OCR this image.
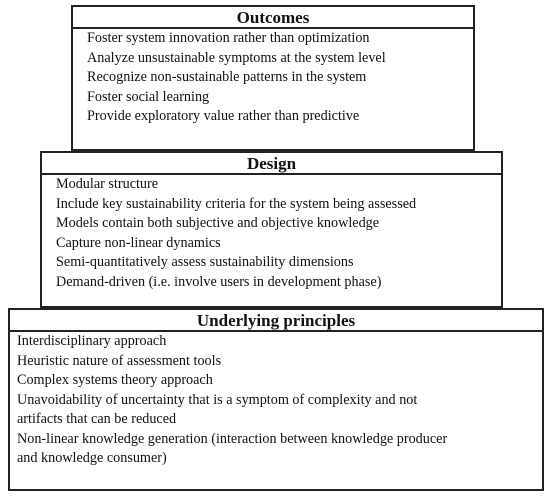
Outcomes
Foster system innovation rather than optimization
Analyze unsustainable symptoms at the system level
Recognize non-sustainable patterns in the system
Foster social learning
Provide exploratory value rather than predictive
Design
Modular structure
Include key sustainability criteria for the system being assessed
Models contain both subjective and objective knowledge
Capture non-linear dynamics
Semi-quantitatively assess sustainability dimensions
Demand-driven (i.e. involve users in development phase)
Underlying principles
Interdisciplinary approach
Heuristic nature of assessment tools
Complex systems theory approach
Unavoidability of uncertainty that is a symptom of complexity and not artifacts that can be reduced
Non-linear knowledge generation (interaction between knowledge producer and knowledge consumer)
